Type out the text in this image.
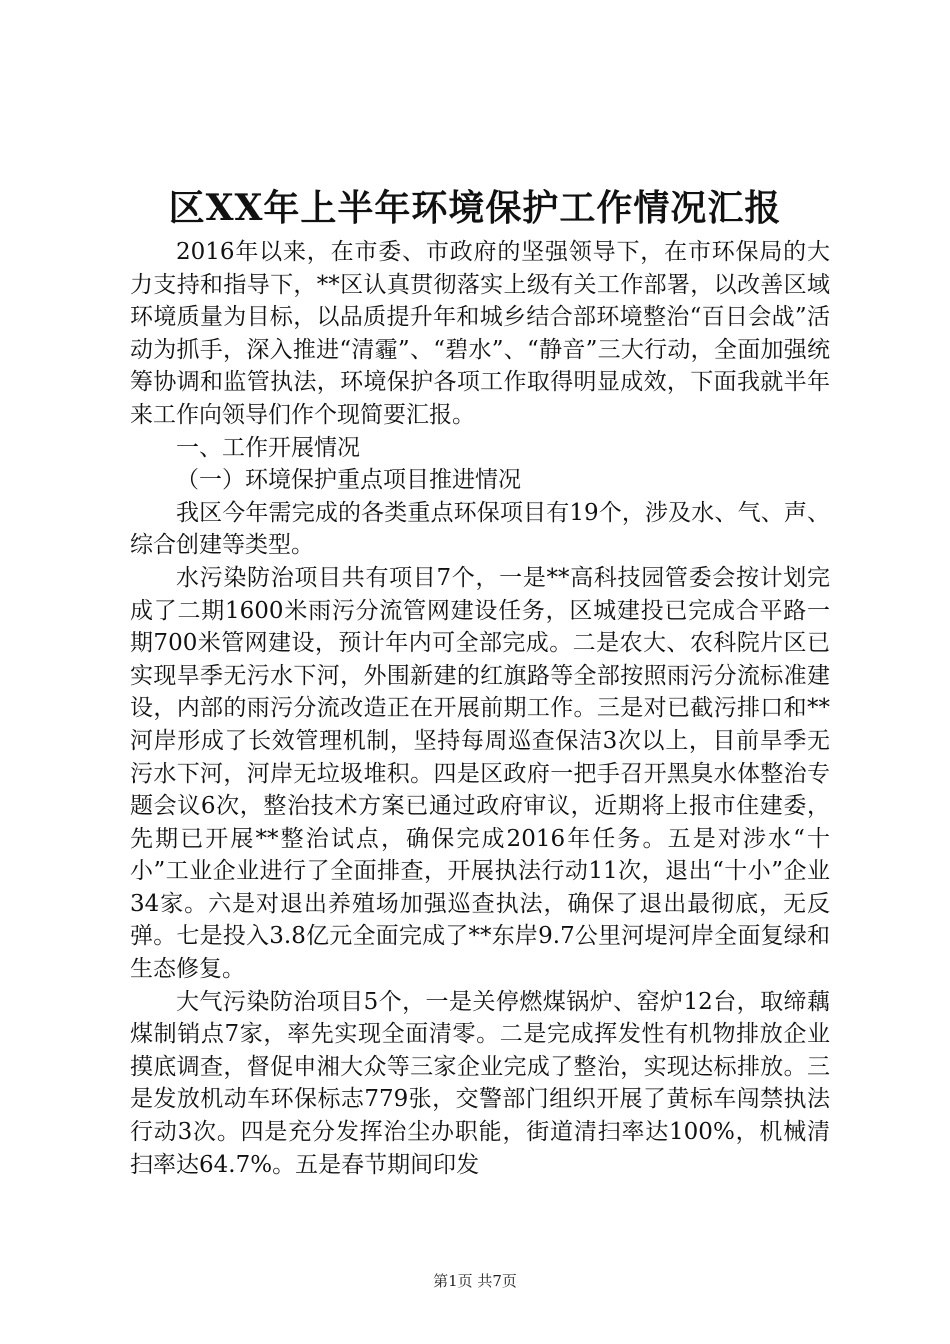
区XX年上半年环境保护工作情况汇报

2016年以来，在市委、市政府的坚强领导下，在市环保局的大力支持和指导下，**区认真贯彻落实上级有关工作部署，以改善区域环境质量为目标，以品质提升年和城乡结合部环境整治“百日会战”活动为抓手，深入推进“清霾”、“碧水”、“静音”三大行动，全面加强统筹协调和监管执法，环境保护各项工作取得明显成效，下面我就半年来工作向领导们作个现简要汇报。

一、工作开展情况

（一）环境保护重点项目推进情况

我区今年需完成的各类重点环保项目有19个，涉及水、气、声、综合创建等类型。

水污染防治项目共有项目7个，一是**高科技园管委会按计划完成了二期1600米雨污分流管网建设任务，区城建投已完成合平路一期700米管网建设，预计年内可全部完成。二是农大、农科院片区已实现旱季无污水下河，外围新建的红旗路等全部按照雨污分流标准建设，内部的雨污分流改造正在开展前期工作。三是对已截污排口和**河岸形成了长效管理机制，坚持每周巡查保洁3次以上，目前旱季无污水下河，河岸无垃圾堆积。四是区政府一把手召开黑臭水体整治专题会议6次，整治技术方案已通过政府审议，近期将上报市住建委，先期已开展**整治试点，确保完成2016年任务。五是对涉水“十小”工业企业进行了全面排查，开展执法行动11次，退出“十小”企业34家。六是对退出养殖场加强巡查执法，确保了退出最彻底，无反弹。七是投入3.8亿元全面完成了**东岸9.7公里河堤河岸全面复绿和生态修复。

大气污染防治项目5个，一是关停燃煤锅炉、窑炉12台，取缔藕煤制销点7家，率先实现全面清零。二是完成挥发性有机物排放企业摸底调查，督促申湘大众等三家企业完成了整治，实现达标排放。三是发放机动车环保标志779张，交警部门组织开展了黄标车闯禁执法行动3次。四是充分发挥治尘办职能，街道清扫率达100%，机械清扫率达64.7%。五是春节期间印发

第1页 共7页
